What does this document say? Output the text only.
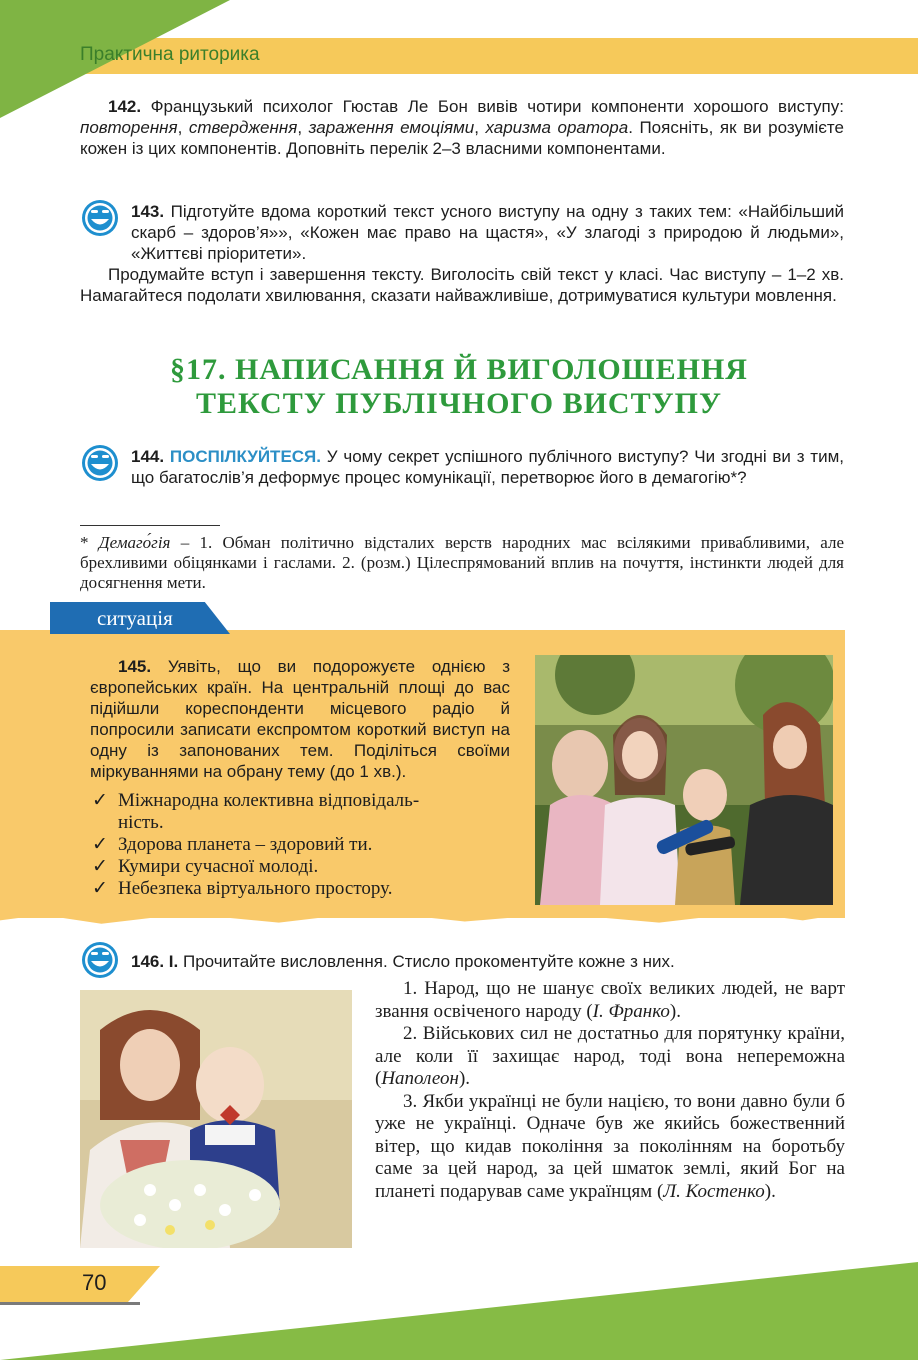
Практична риторика
142. Французький психолог Гюстав Ле Бон вивів чотири компоненти хорошого виступу: повторення, ствердження, зараження емоціями, харизма оратора. Поясніть, як ви розумієте кожен із цих компонентів. Доповніть перелік 2–3 власними компонентами.
143. Підготуйте вдома короткий текст усного виступу на одну з таких тем: «Найбільший скарб – здоров’я»», «Кожен має право на щастя», «У злагоді з природою й людьми», «Життєві пріоритети».
Продумайте вступ і завершення тексту. Виголосіть свій текст у класі. Час виступу – 1–2 хв. Намагайтеся подолати хвилювання, сказати найважливіше, дотримуватися культури мовлення.
§17. НАПИСАННЯ Й ВИГОЛОШЕННЯ
ТЕКСТУ ПУБЛІЧНОГО ВИСТУПУ
144. ПОСПІЛКУЙТЕСЯ. У чому секрет успішного публічного виступу? Чи згодні ви з тим, що багатослів’я деформує процес комунікації, перетворює його в демагогію*?
* Демаго́гія – 1. Обман політично відсталих верств народних мас всілякими привабливими, але брехливими обіцянками і гаслами. 2. (розм.) Цілеспрямований вплив на почуття, інстинкти людей для досягнення мети.
ситуація
145. Уявіть, що ви подорожуєте однією з європейських країн. На центральній площі до вас підійшли кореспонденти місцевого радіо й попросили записати експромтом короткий виступ на одну із запонованих тем. Поділіться своїми міркуваннями на обрану тему (до 1 хв.).
✓ Міжнародна колективна відповідаль-
ність.
✓ Здорова планета – здоровий ти.
✓ Кумири сучасної молоді.
✓ Небезпека віртуального простору.
146. І. Прочитайте висловлення. Стисло прокоментуйте кожне з них.

1. Народ, що не шанує своїх великих людей, не варт звання освіченого народу (І. Франко).

2. Військових сил не достатньо для порятунку країни, але коли її захищає народ, тоді вона непереможна (Наполеон).

3. Якби українці не були нацією, то вони давно були б уже не українці. Одначе був же якийсь божественний вітер, що кидав покоління за поколінням на боротьбу саме за цей народ, за цей шматок землі, який Бог на планеті подарував саме українцям (Л. Костенко).

70
